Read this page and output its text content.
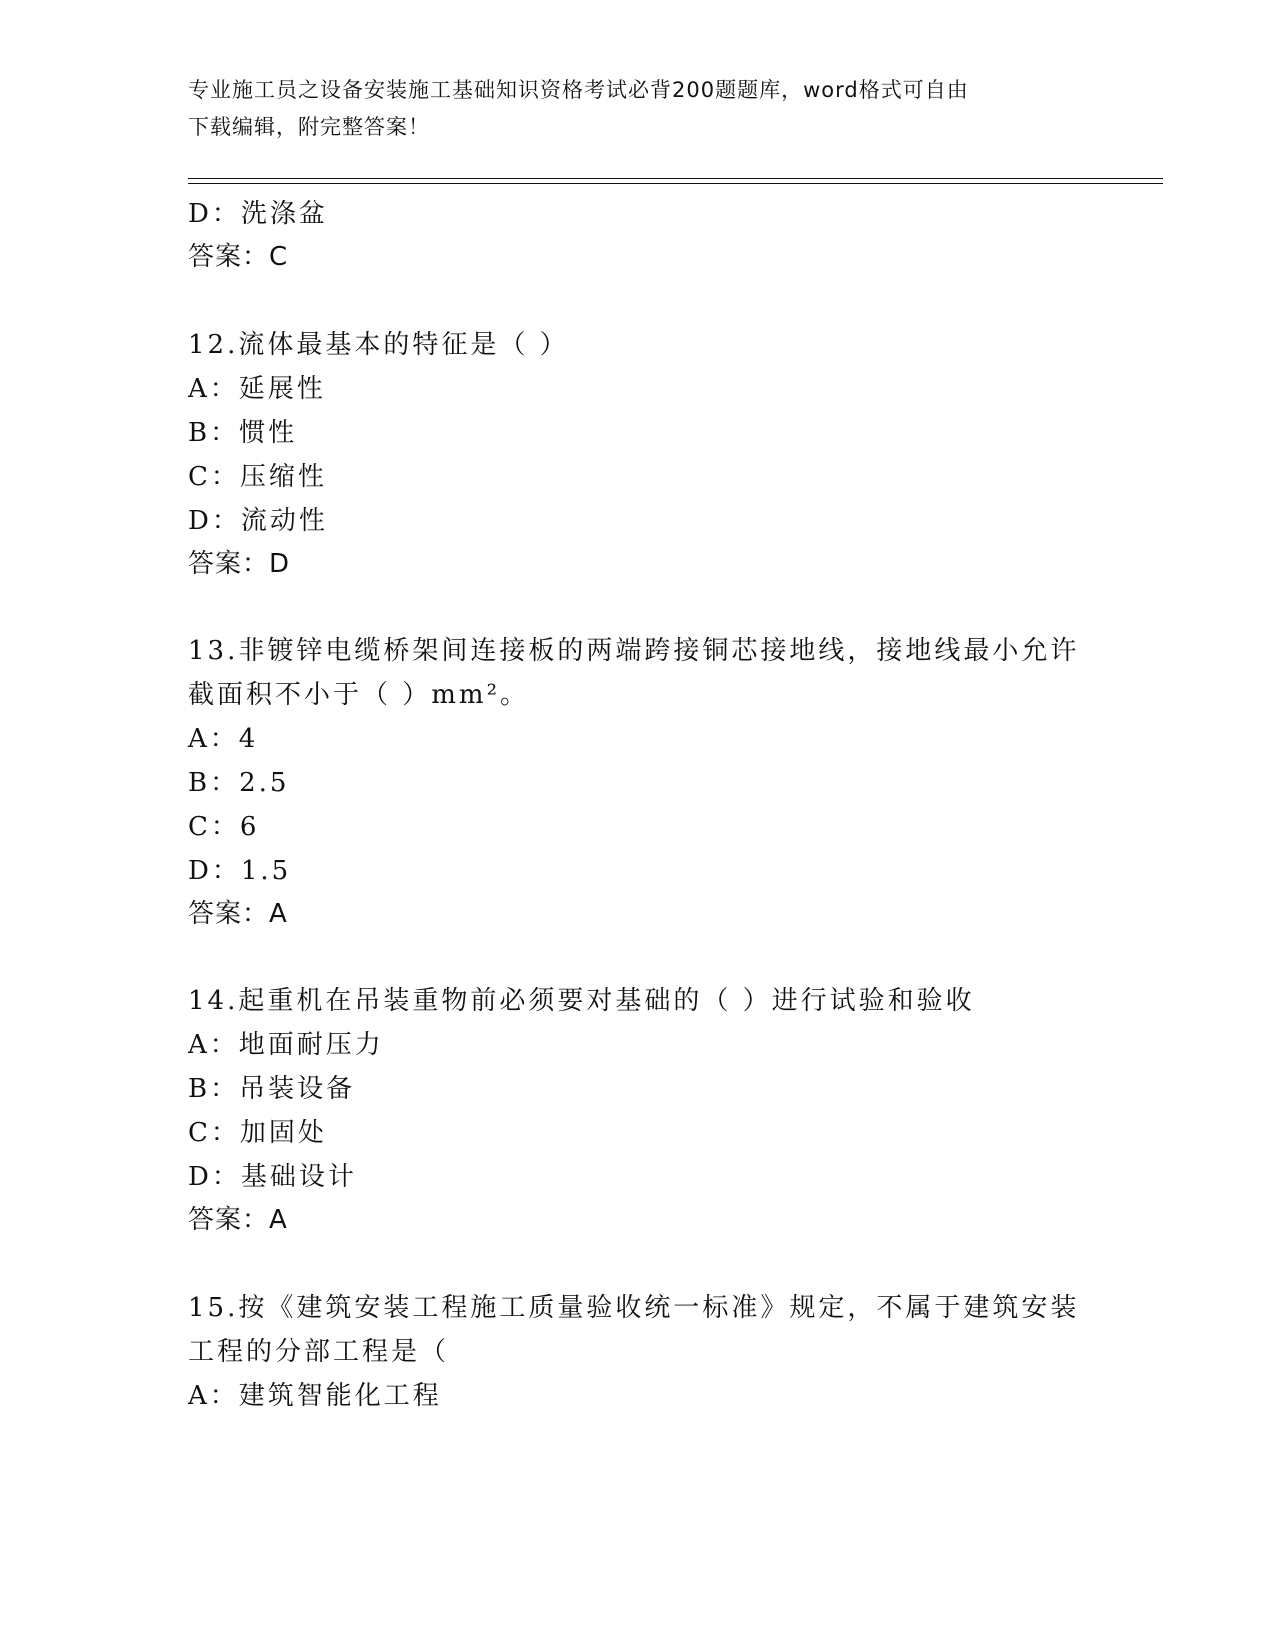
专业施工员之设备安装施工基础知识资格考试必背200题题库，word格式可自由
下载编辑，附完整答案！
D：洗涤盆
答案：C
12.流体最基本的特征是（ ）
A：延展性
B：惯性
C：压缩性
D：流动性
答案：D
13.非镀锌电缆桥架间连接板的两端跨接铜芯接地线，接地线最小允许
截面积不小于（ ）mm²。
A：4
B：2.5
C：6
D：1.5
答案：A
14.起重机在吊装重物前必须要对基础的（ ）进行试验和验收
A：地面耐压力
B：吊装设备
C：加固处
D：基础设计
答案：A
15.按《建筑安装工程施工质量验收统一标准》规定，不属于建筑安装
工程的分部工程是（
A：建筑智能化工程
